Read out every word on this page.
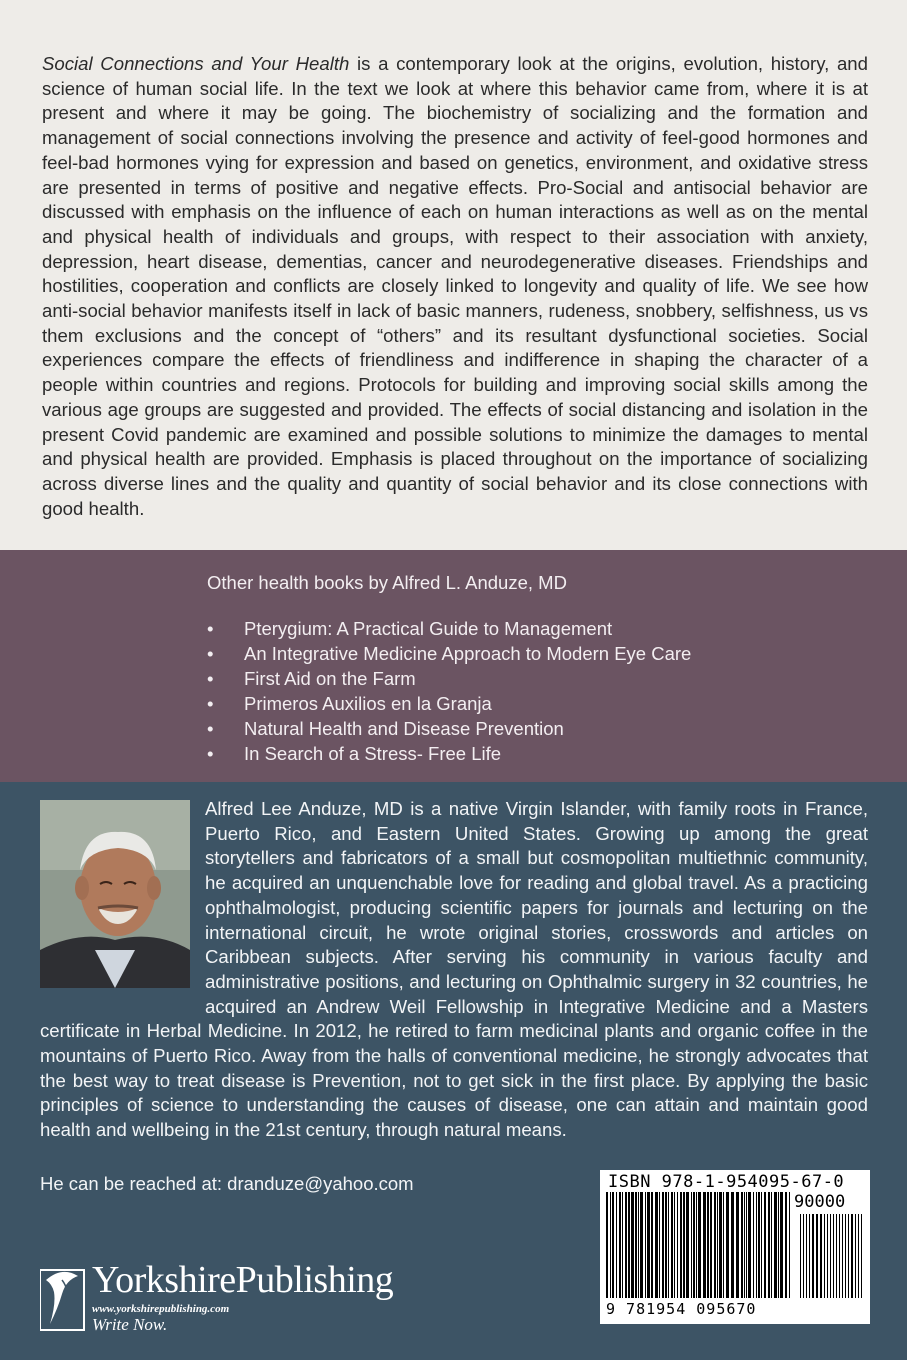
Social Connections and Your Health is a contemporary look at the origins, evolution, history, and science of human social life. In the text we look at where this behavior came from, where it is at present and where it may be going. The biochemistry of socializing and the formation and management of social connections involving the presence and activity of feel-good hormones and feel-bad hormones vying for expression and based on genetics, environment, and oxidative stress are presented in terms of positive and negative effects. Pro-Social and antisocial behavior are discussed with emphasis on the influence of each on human interactions as well as on the mental and physical health of individuals and groups, with respect to their association with anxiety, depression, heart disease, dementias, cancer and neurodegenerative diseases. Friendships and hostilities, cooperation and conflicts are closely linked to longevity and quality of life. We see how anti-social behavior manifests itself in lack of basic manners, rudeness, snobbery, selfishness, us vs them exclusions and the concept of “others” and its resultant dysfunctional societies. Social experiences compare the effects of friendliness and indifference in shaping the character of a people within countries and regions. Protocols for building and improving social skills among the various age groups are suggested and provided. The effects of social distancing and isolation in the present Covid pandemic are examined and possible solutions to minimize the damages to mental and physical health are provided. Emphasis is placed throughout on the importance of socializing across diverse lines and the quality and quantity of social behavior and its close connections with good health.

Other health books by Alfred L. Anduze, MD

• Pterygium: A Practical Guide to Management
• An Integrative Medicine Approach to Modern Eye Care
• First Aid on the Farm
• Primeros Auxilios en la Granja
• Natural Health and Disease Prevention
• In Search of a Stress- Free Life

Alfred Lee Anduze, MD is a native Virgin Islander, with family roots in France, Puerto Rico, and Eastern United States. Growing up among the great storytellers and fabricators of a small but cosmopolitan multiethnic community, he acquired an unquenchable love for reading and global travel. As a practicing ophthalmologist, producing scientific papers for journals and lecturing on the international circuit, he wrote original stories, crosswords and articles on Caribbean subjects. After serving his community in various faculty and administrative positions, and lecturing on Ophthalmic surgery in 32 countries, he acquired an Andrew Weil Fellowship in Integrative Medicine and a Masters certificate in Herbal Medicine. In 2012, he retired to farm medicinal plants and organic coffee in the mountains of Puerto Rico. Away from the halls of conventional medicine, he strongly advocates that the best way to treat disease is Prevention, not to get sick in the first place. By applying the basic principles of science to understanding the causes of disease, one can attain and maintain good health and wellbeing in the 21st century, through natural means.

He can be reached at: dranduze@yahoo.com	ISBN 978-1-954095-67-0
90000
9 781954 095670
YorkshirePublishing
www.yorkshirepublishing.com
Write Now.
